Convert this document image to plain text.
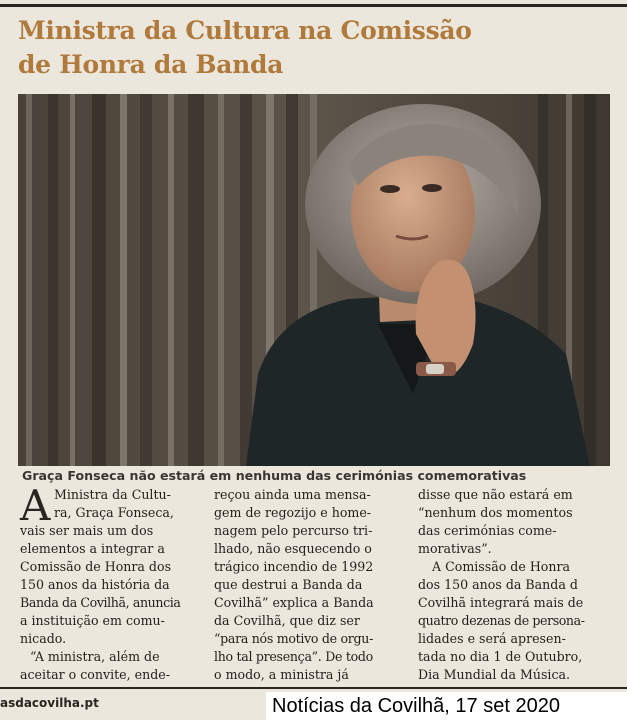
Ministra da Cultura na Comissão
de Honra da Banda
Graça Fonseca não estará em nenhuma das cerimónias comemorativas
A Ministra da Cultu-
ra, Graça Fonseca,
vais ser mais um dos
elementos a integrar a
Comissão de Honra dos
150 anos da história da
Banda da Covilhã, anuncia
a instituição em comu-
nicado.
“A ministra, além de
aceitar o convite, ende-
reçou ainda uma mensa-
gem de regozijo e home-
nagem pelo percurso tri-
lhado, não esquecendo o
trágico incendio de 1992
que destrui a Banda da
Covilhã” explica a Banda
da Covilhã, que diz ser
“para nós motivo de orgu-
lho tal presença”. De todo
o modo, a ministra já
disse que não estará em
“nenhum dos momentos
das cerimónias come-
morativas”.
A Comissão de Honra
dos 150 anos da Banda d
Covilhã integrará mais de
quatro dezenas de persona-
lidades e será apresen-
tada no dia 1 de Outubro,
Dia Mundial da Música.
asdacovilha.pt	Notícias da Covilhã, 17 set 2020
